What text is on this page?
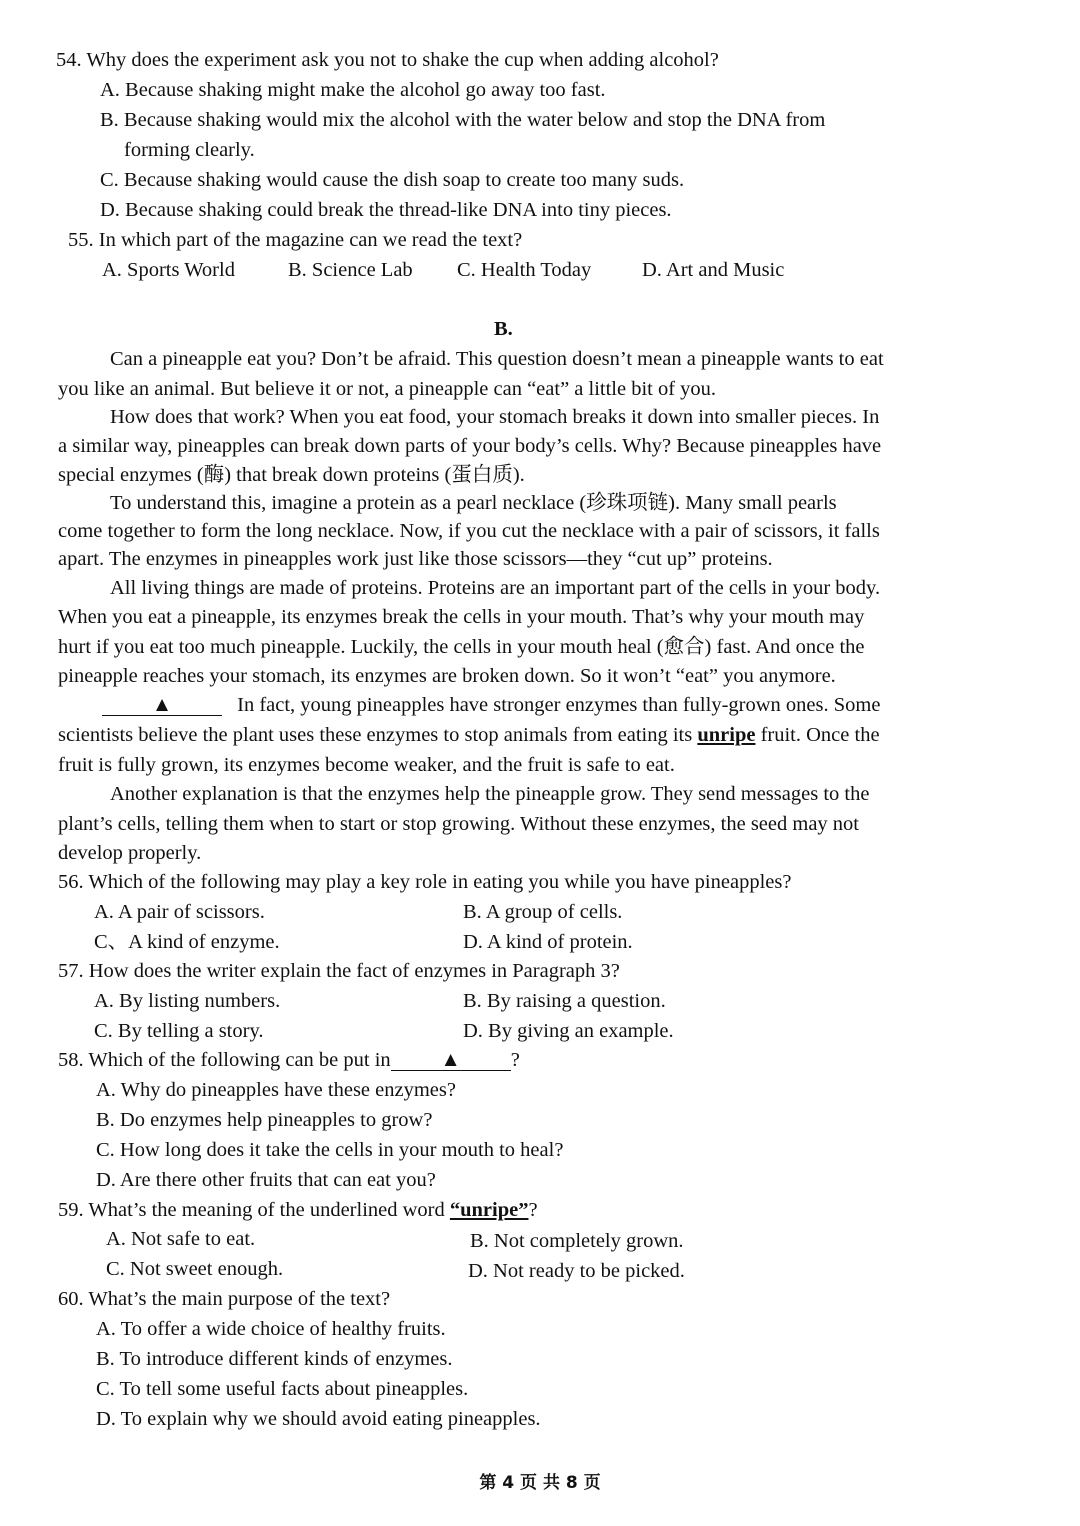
54. Why does the experiment ask you not to shake the cup when adding alcohol?
A. Because shaking might make the alcohol go away too fast.
B. Because shaking would mix the alcohol with the water below and stop the DNA from
forming clearly.
C. Because shaking would cause the dish soap to create too many suds.
D. Because shaking could break the thread-like DNA into tiny pieces.
55. In which part of the magazine can we read the text?
A. Sports World	B. Science Lab C. Health Today D. Art and Music
B.
Can a pineapple eat you? Don’t be afraid. This question doesn’t mean a pineapple wants to eat
you like an animal. But believe it or not, a pineapple can “eat” a little bit of you.
How does that work? When you eat food, your stomach breaks it down into smaller pieces. In
a similar way, pineapples can break down parts of your body’s cells. Why? Because pineapples have
special enzymes (酶) that break down proteins (蛋白质).
To understand this, imagine a protein as a pearl necklace (珍珠项链). Many small pearls
come together to form the long necklace. Now, if you cut the necklace with a pair of scissors, it falls
apart. The enzymes in pineapples work just like those scissors—they “cut up” proteins.
All living things are made of proteins. Proteins are an important part of the cells in your body.
When you eat a pineapple, its enzymes break the cells in your mouth. That’s why your mouth may
hurt if you eat too much pineapple. Luckily, the cells in your mouth heal (愈合) fast. And once the
pineapple reaches your stomach, its enzymes are broken down. So it won’t “eat” you anymore.
▲	In fact, young pineapples have stronger enzymes than fully-grown ones. Some
scientists believe the plant uses these enzymes to stop animals from eating its unripe fruit. Once the
fruit is fully grown, its enzymes become weaker, and the fruit is safe to eat.
Another explanation is that the enzymes help the pineapple grow. They send messages to the
plant’s cells, telling them when to start or stop growing. Without these enzymes, the seed may not
develop properly.
56. Which of the following may play a key role in eating you while you have pineapples?
A. A pair of scissors.	B. A group of cells.
C、A kind of enzyme.	D. A kind of protein.
57. How does the writer explain the fact of enzymes in Paragraph 3?
A. By listing numbers.	B. By raising a question.
C. By telling a story.	D. By giving an example.
58. Which of the following can be put in ▲ ?
A. Why do pineapples have these enzymes?
B. Do enzymes help pineapples to grow?
C. How long does it take the cells in your mouth to heal?
D. Are there other fruits that can eat you?
59. What’s the meaning of the underlined word “unripe”?
A. Not safe to eat.	B. Not completely grown.
C. Not sweet enough.	D. Not ready to be picked.
60. What’s the main purpose of the text?
A. To offer a wide choice of healthy fruits.
B. To introduce different kinds of enzymes.
C. To tell some useful facts about pineapples.
D. To explain why we should avoid eating pineapples.
第 4 页 共 8 页
